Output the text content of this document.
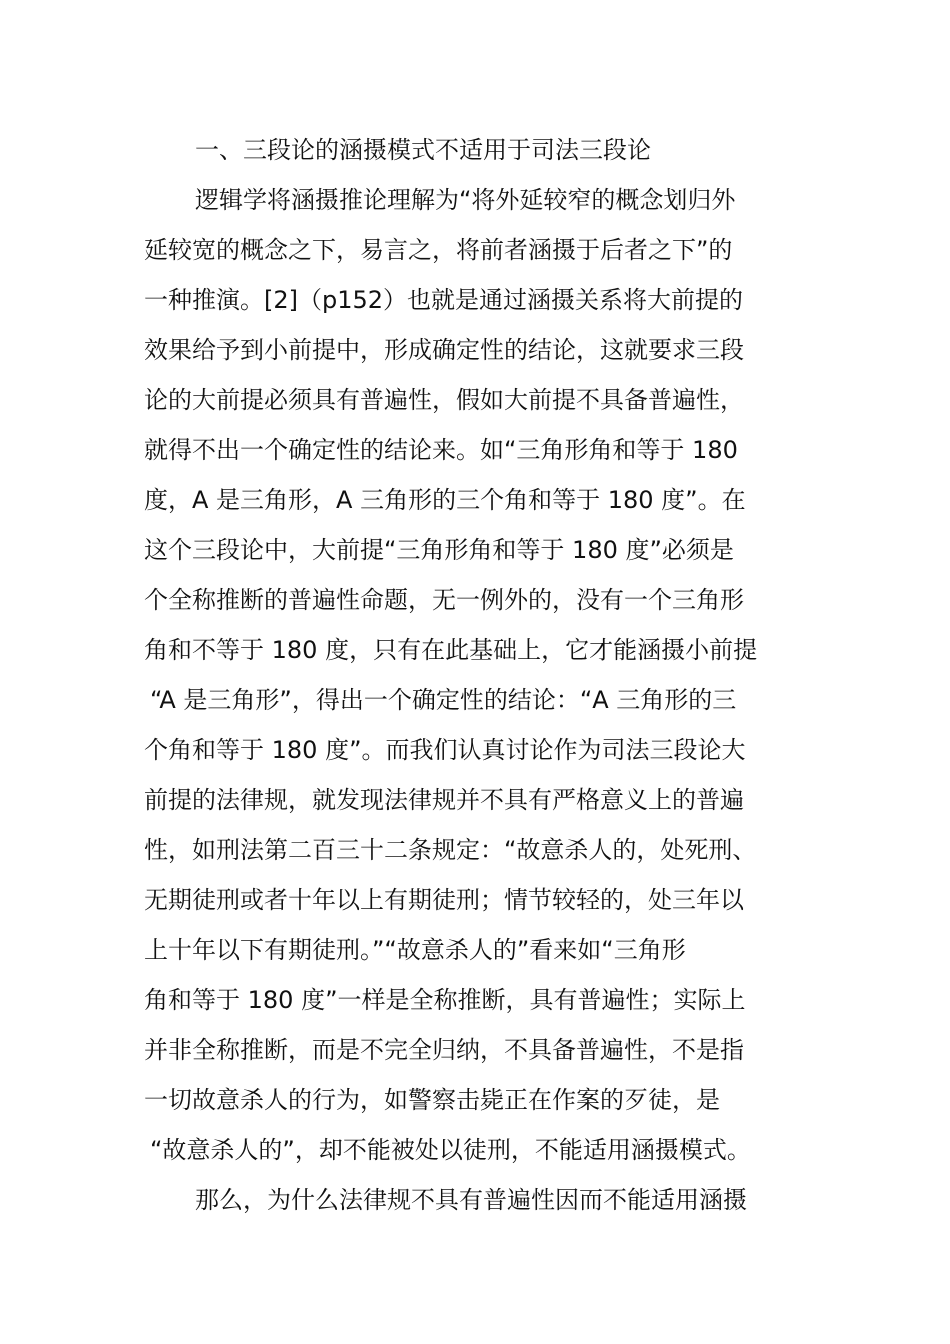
一、三段论的涵摄模式不适用于司法三段论
逻辑学将涵摄推论理解为“将外延较窄的概念划归外
延较宽的概念之下，易言之，将前者涵摄于后者之下”的
一种推演。[2]（p152）也就是通过涵摄关系将大前提的
效果给予到小前提中，形成确定性的结论，这就要求三段
论的大前提必须具有普遍性，假如大前提不具备普遍性，
就得不出一个确定性的结论来。如“三角形角和等于 180
度，A 是三角形，A 三角形的三个角和等于 180 度”。在
这个三段论中，大前提“三角形角和等于 180 度”必须是
个全称推断的普遍性命题，无一例外的，没有一个三角形
角和不等于 180 度，只有在此基础上，它才能涵摄小前提
“A 是三角形”，得出一个确定性的结论：“A 三角形的三
个角和等于 180 度”。而我们认真讨论作为司法三段论大
前提的法律规，就发现法律规并不具有严格意义上的普遍
性，如刑法第二百三十二条规定：“故意杀人的，处死刑、
无期徒刑或者十年以上有期徒刑；情节较轻的，处三年以
上十年以下有期徒刑。”“故意杀人的”看来如“三角形
角和等于 180 度”一样是全称推断，具有普遍性；实际上
并非全称推断，而是不完全归纳，不具备普遍性，不是指
一切故意杀人的行为，如警察击毙正在作案的歹徒，是
“故意杀人的”，却不能被处以徒刑，不能适用涵摄模式。
那么，为什么法律规不具有普遍性因而不能适用涵摄
